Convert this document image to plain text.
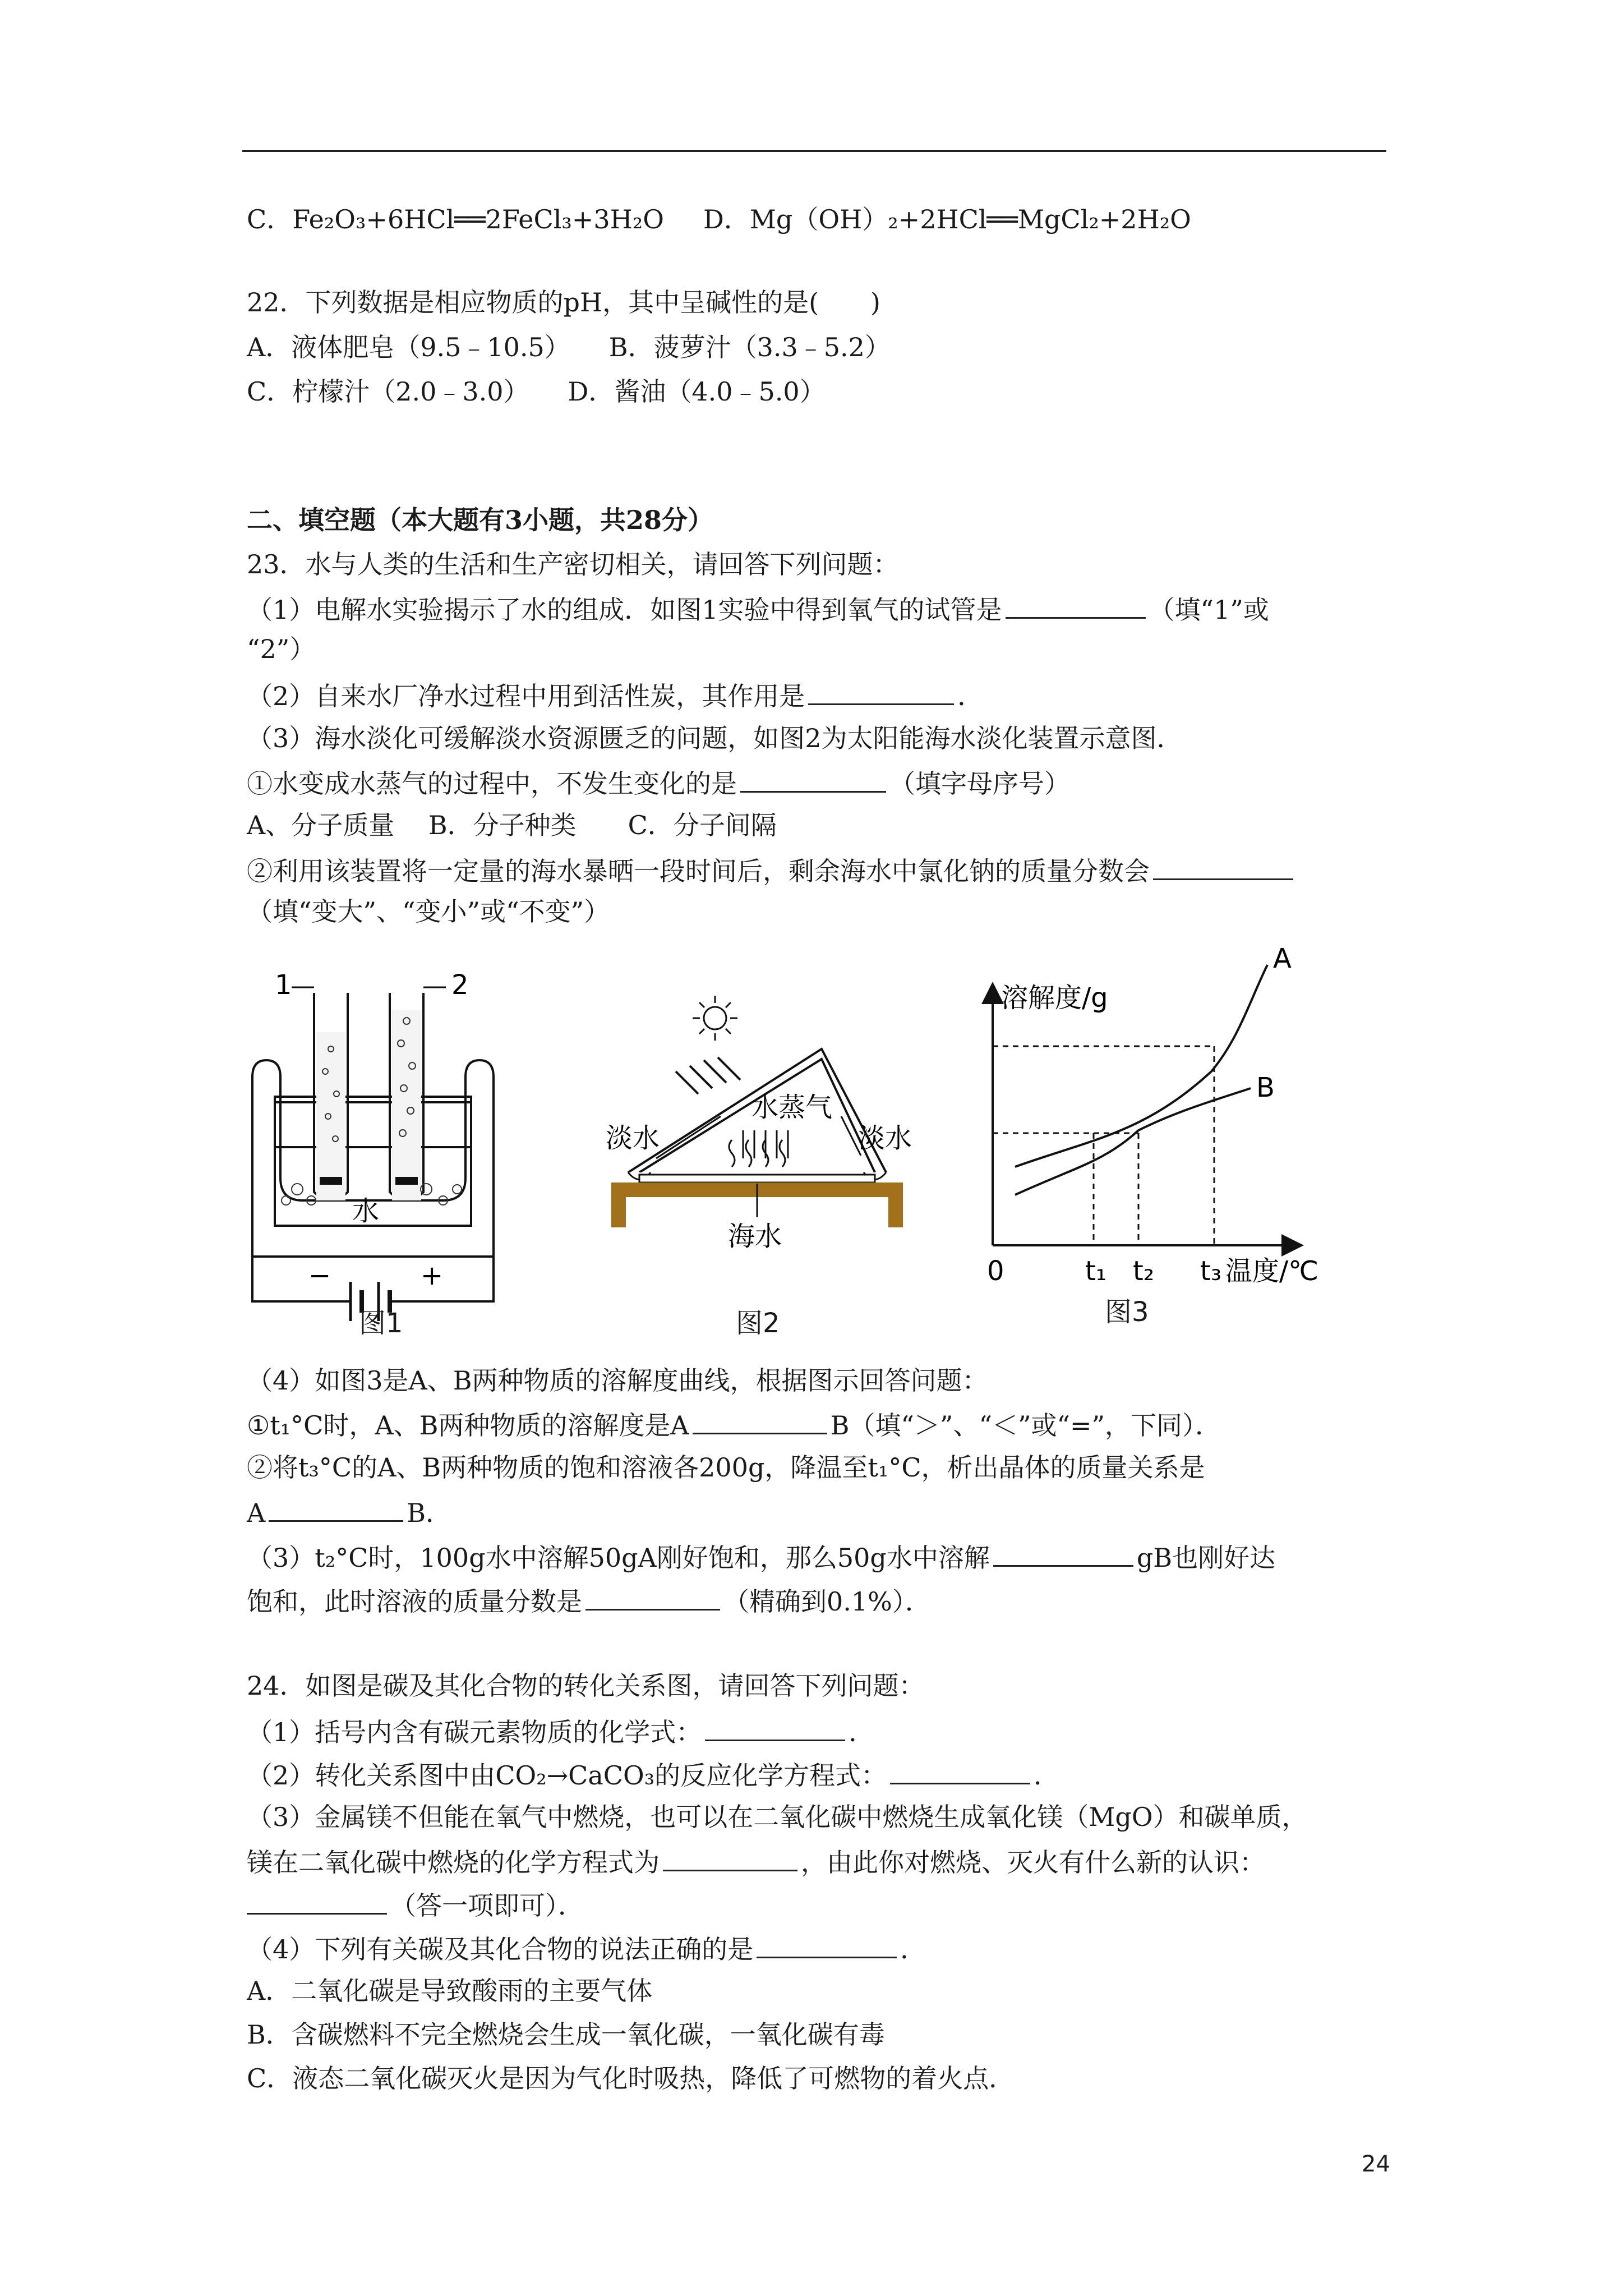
C．Fe₂O₃+6HCl══2FeCl₃+3H₂O D．Mg（OH）₂+2HCl══MgCl₂+2H₂O
22．下列数据是相应物质的pH，其中呈碱性的是(　　)
A．液体肥皂（9.5﹣10.5）　　B．菠萝汁（3.3﹣5.2）
C．柠檬汁（2.0﹣3.0）　　D．酱油（4.0﹣5.0）
二、填空题（本大题有3小题，共28分）
23．水与人类的生活和生产密切相关，请回答下列问题：
（1）电解水实验揭示了水的组成．如图1实验中得到氧气的试管是	（填“1”或
“2”）
（2）自来水厂净水过程中用到活性炭，其作用是	．
（3）海水淡化可缓解淡水资源匮乏的问题，如图2为太阳能海水淡化装置示意图．
①水变成水蒸气的过程中，不发生变化的是	（填字母序号）
A、分子质量　 B．分子种类　　C．分子间隔
②利用该装置将一定量的海水暴晒一段时间后，剩余海水中氯化钠的质量分数会
（填“变大”、“变小”或“不变”）
1	2
水
−	+
图1
水蒸气
淡水	淡水
海水
图2
溶解度/g
A
B
0	t₁ t₂ t₃ 温度/℃
图3
（4）如图3是A、B两种物质的溶解度曲线，根据图示回答问题：
①t₁°C时，A、B两种物质的溶解度是A	B（填“＞”、“＜”或“=”，下同）．
②将t₃°C的A、B两种物质的饱和溶液各200g，降温至t₁°C，析出晶体的质量关系是
A	B．
（3）t₂°C时，100g水中溶解50gA刚好饱和，那么50g水中溶解	gB也刚好达
饱和，此时溶液的质量分数是	（精确到0.1%）．
24．如图是碳及其化合物的转化关系图，请回答下列问题：
（1）括号内含有碳元素物质的化学式：	．
（2）转化关系图中由CO₂→CaCO₃的反应化学方程式：	．
（3）金属镁不但能在氧气中燃烧，也可以在二氧化碳中燃烧生成氧化镁（MgO）和碳单质，
镁在二氧化碳中燃烧的化学方程式为	，由此你对燃烧、灭火有什么新的认识：
（答一项即可）．
（4）下列有关碳及其化合物的说法正确的是	．
A．二氧化碳是导致酸雨的主要气体
B．含碳燃料不完全燃烧会生成一氧化碳，一氧化碳有毒
C．液态二氧化碳灭火是因为气化时吸热，降低了可燃物的着火点．
24
